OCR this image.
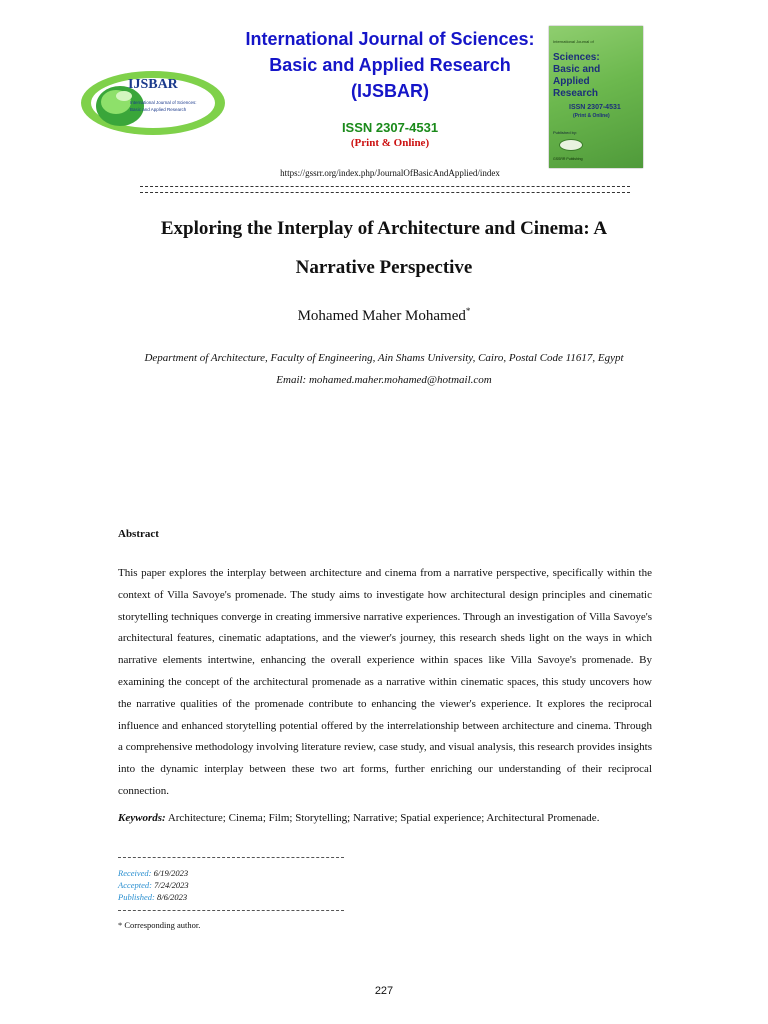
IJSBAR
International Journal of Sciences:
Basic and Applied Research
International Journal of Sciences:
Basic and Applied Research
(IJSBAR)
ISSN 2307-4531
(Print & Online)
International Journal of
Sciences:
Basic and Applied
Research
ISSN 2307-4531
(Print & Online)
Published by:
GSSRR Publishing
https://gssrr.org/index.php/JournalOfBasicAndApplied/index
Exploring the Interplay of Architecture and Cinema: A
Narrative Perspective
Mohamed Maher Mohamed*
Department of Architecture, Faculty of Engineering, Ain Shams University, Cairo, Postal Code 11617, Egypt
Email: mohamed.maher.mohamed@hotmail.com
Abstract
This paper explores the interplay between architecture and cinema from a narrative perspective, specifically within the context of Villa Savoye's promenade. The study aims to investigate how architectural design principles and cinematic storytelling techniques converge in creating immersive narrative experiences. Through an investigation of Villa Savoye's architectural features, cinematic adaptations, and the viewer's journey, this research sheds light on the ways in which narrative elements intertwine, enhancing the overall experience within spaces like Villa Savoye's promenade. By examining the concept of the architectural promenade as a narrative within cinematic spaces, this study uncovers how the narrative qualities of the promenade contribute to enhancing the viewer's experience. It explores the reciprocal influence and enhanced storytelling potential offered by the interrelationship between architecture and cinema. Through a comprehensive methodology involving literature review, case study, and visual analysis, this research provides insights into the dynamic interplay between these two art forms, further enriching our understanding of their reciprocal connection.
Keywords: Architecture; Cinema; Film; Storytelling; Narrative; Spatial experience; Architectural Promenade.
Received: 6/19/2023
Accepted: 7/24/2023
Published: 8/6/2023
* Corresponding author.
227
